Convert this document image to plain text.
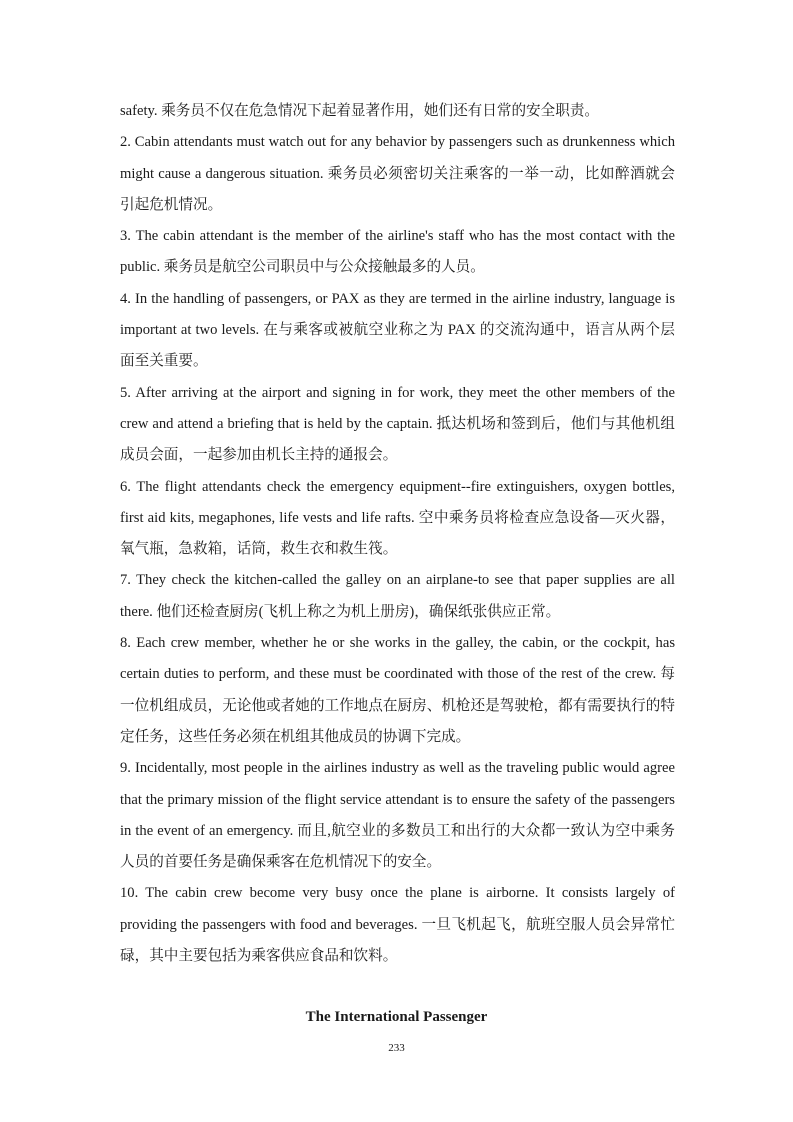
safety. 乘务员不仅在危急情况下起着显著作用，她们还有日常的安全职责。

2. Cabin attendants must watch out for any behavior by passengers such as drunkenness which might cause a dangerous situation. 乘务员必须密切关注乘客的一举一动，比如醉酒就会引起危机情况。

3. The cabin attendant is the member of the airline's staff who has the most contact with the public. 乘务员是航空公司职员中与公众接触最多的人员。

4. In the handling of passengers, or PAX as they are termed in the airline industry, language is important at two levels. 在与乘客或被航空业称之为 PAX 的交流沟通中，语言从两个层面至关重要。

5. After arriving at the airport and signing in for work, they meet the other members of the crew and attend a briefing that is held by the captain. 抵达机场和签到后，他们与其他机组成员会面，一起参加由机长主持的通报会。

6. The flight attendants check the emergency equipment--fire extinguishers, oxygen bottles, first aid kits, megaphones, life vests and life rafts. 空中乘务员将检查应急设备—灭火器，氧气瓶，急救箱，话筒，救生衣和救生筏。

7. They check the kitchen-called the galley on an airplane-to see that paper supplies are all there. 他们还检查厨房(飞机上称之为机上册房)，确保纸张供应正常。

8. Each crew member, whether he or she works in the galley, the cabin, or the cockpit, has certain duties to perform, and these must be coordinated with those of the rest of the crew. 每一位机组成员，无论他或者她的工作地点在厨房、机枪还是驾驶枪，都有需要执行的特定任务，这些任务必须在机组其他成员的协调下完成。

9. Incidentally, most people in the airlines industry as well as the traveling public would agree that the primary mission of the flight service attendant is to ensure the safety of the passengers in the event of an emergency. 而且,航空业的多数员工和出行的大众都一致认为空中乘务人员的首要任务是确保乘客在危机情况下的安全。

10. The cabin crew become very busy once the plane is airborne. It consists largely of providing the passengers with food and beverages. 一旦飞机起飞，航班空服人员会异常忙碌，其中主要包括为乘客供应食品和饮料。

The International Passenger
233
